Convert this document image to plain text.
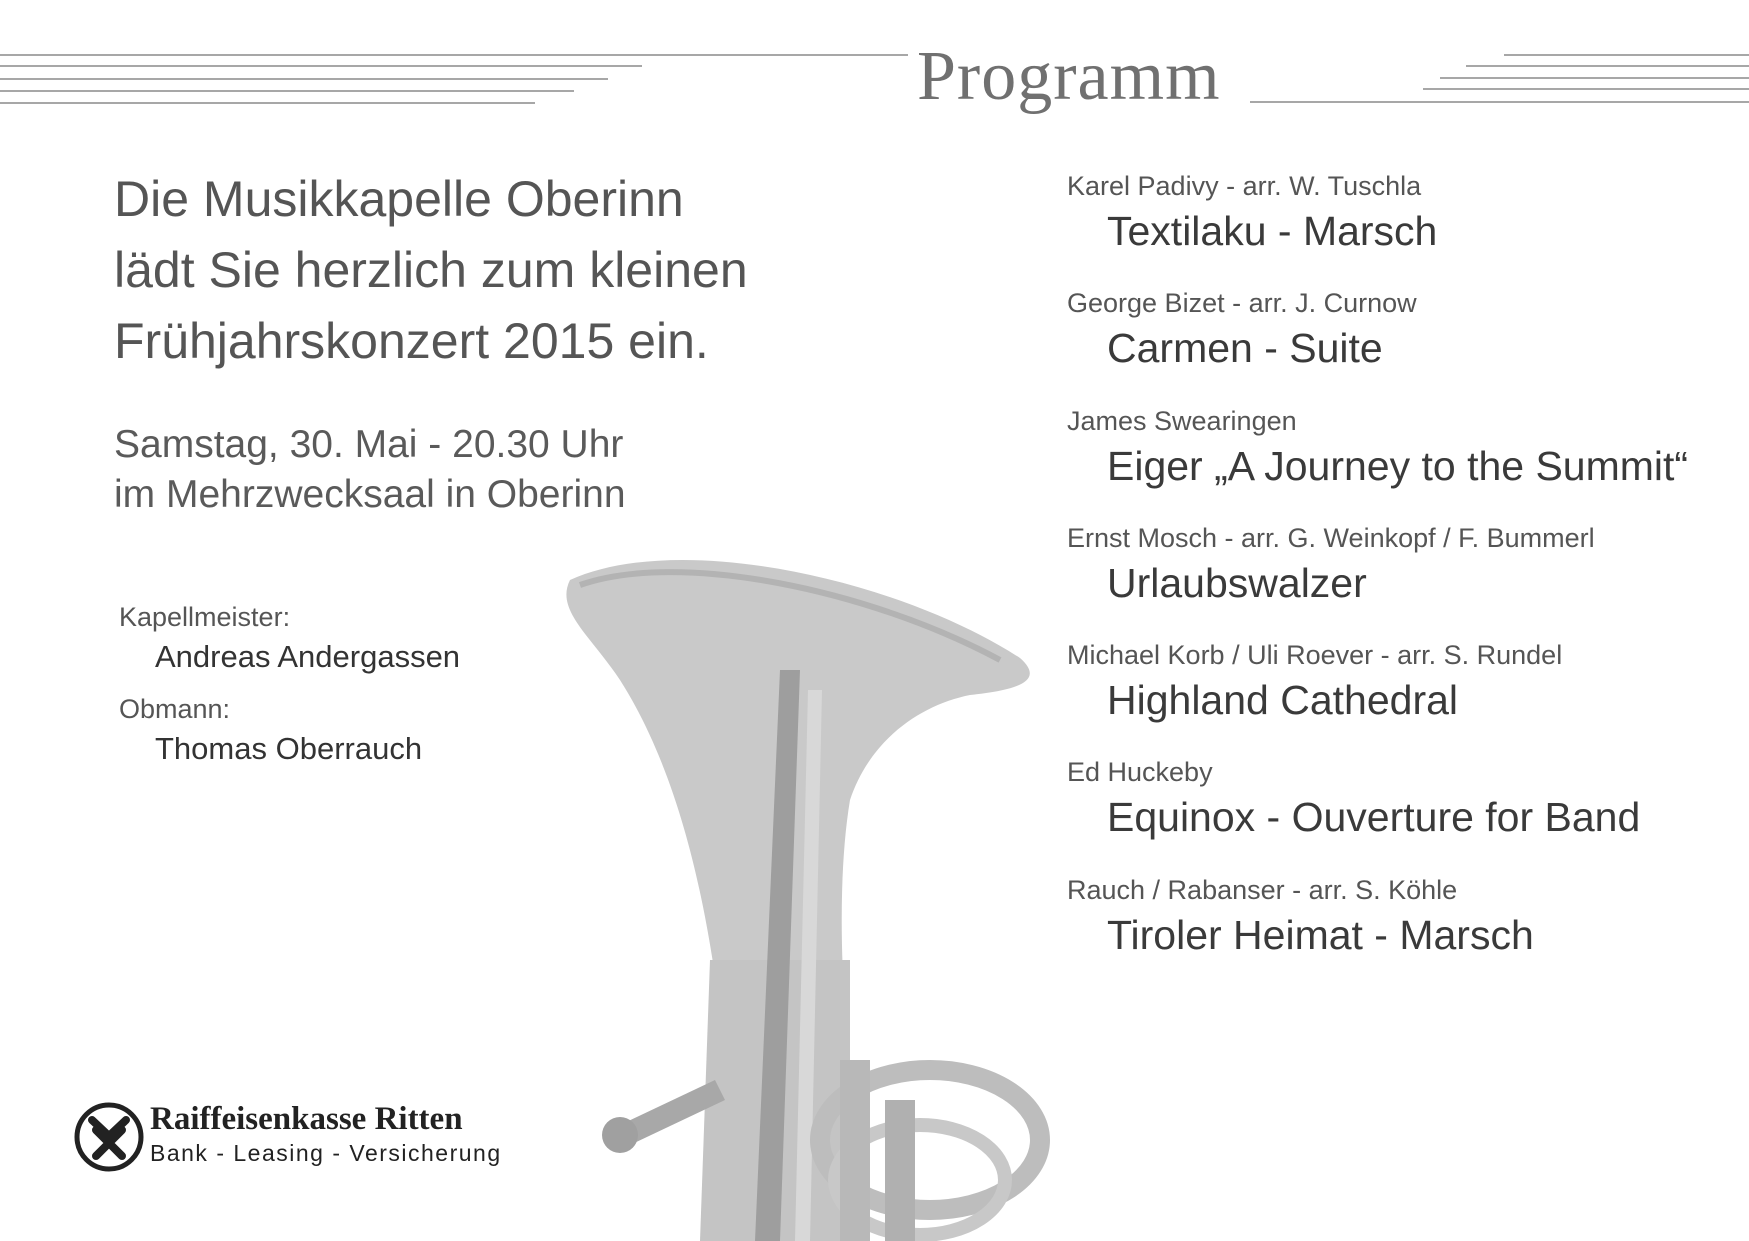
Programm
Die Musikkapelle Oberinn
lädt Sie herzlich zum kleinen
Frühjahrskonzert 2015 ein.
Samstag, 30. Mai - 20.30 Uhr
im Mehrzwecksaal in Oberinn
Kapellmeister:
Andreas Andergassen
Obmann:
Thomas Oberrauch
Karel Padivy - arr. W. Tuschla
Textilaku - Marsch
George Bizet - arr. J. Curnow
Carmen - Suite
James Swearingen
Eiger „A Journey to the Summit“
Ernst Mosch - arr. G. Weinkopf / F. Bummerl
Urlaubswalzer
Michael Korb / Uli Roever - arr. S. Rundel
Highland Cathedral
Ed Huckeby
Equinox - Ouverture for Band
Rauch / Rabanser - arr. S. Köhle
Tiroler Heimat - Marsch
Raiffeisenkasse Ritten
Bank - Leasing - Versicherung
